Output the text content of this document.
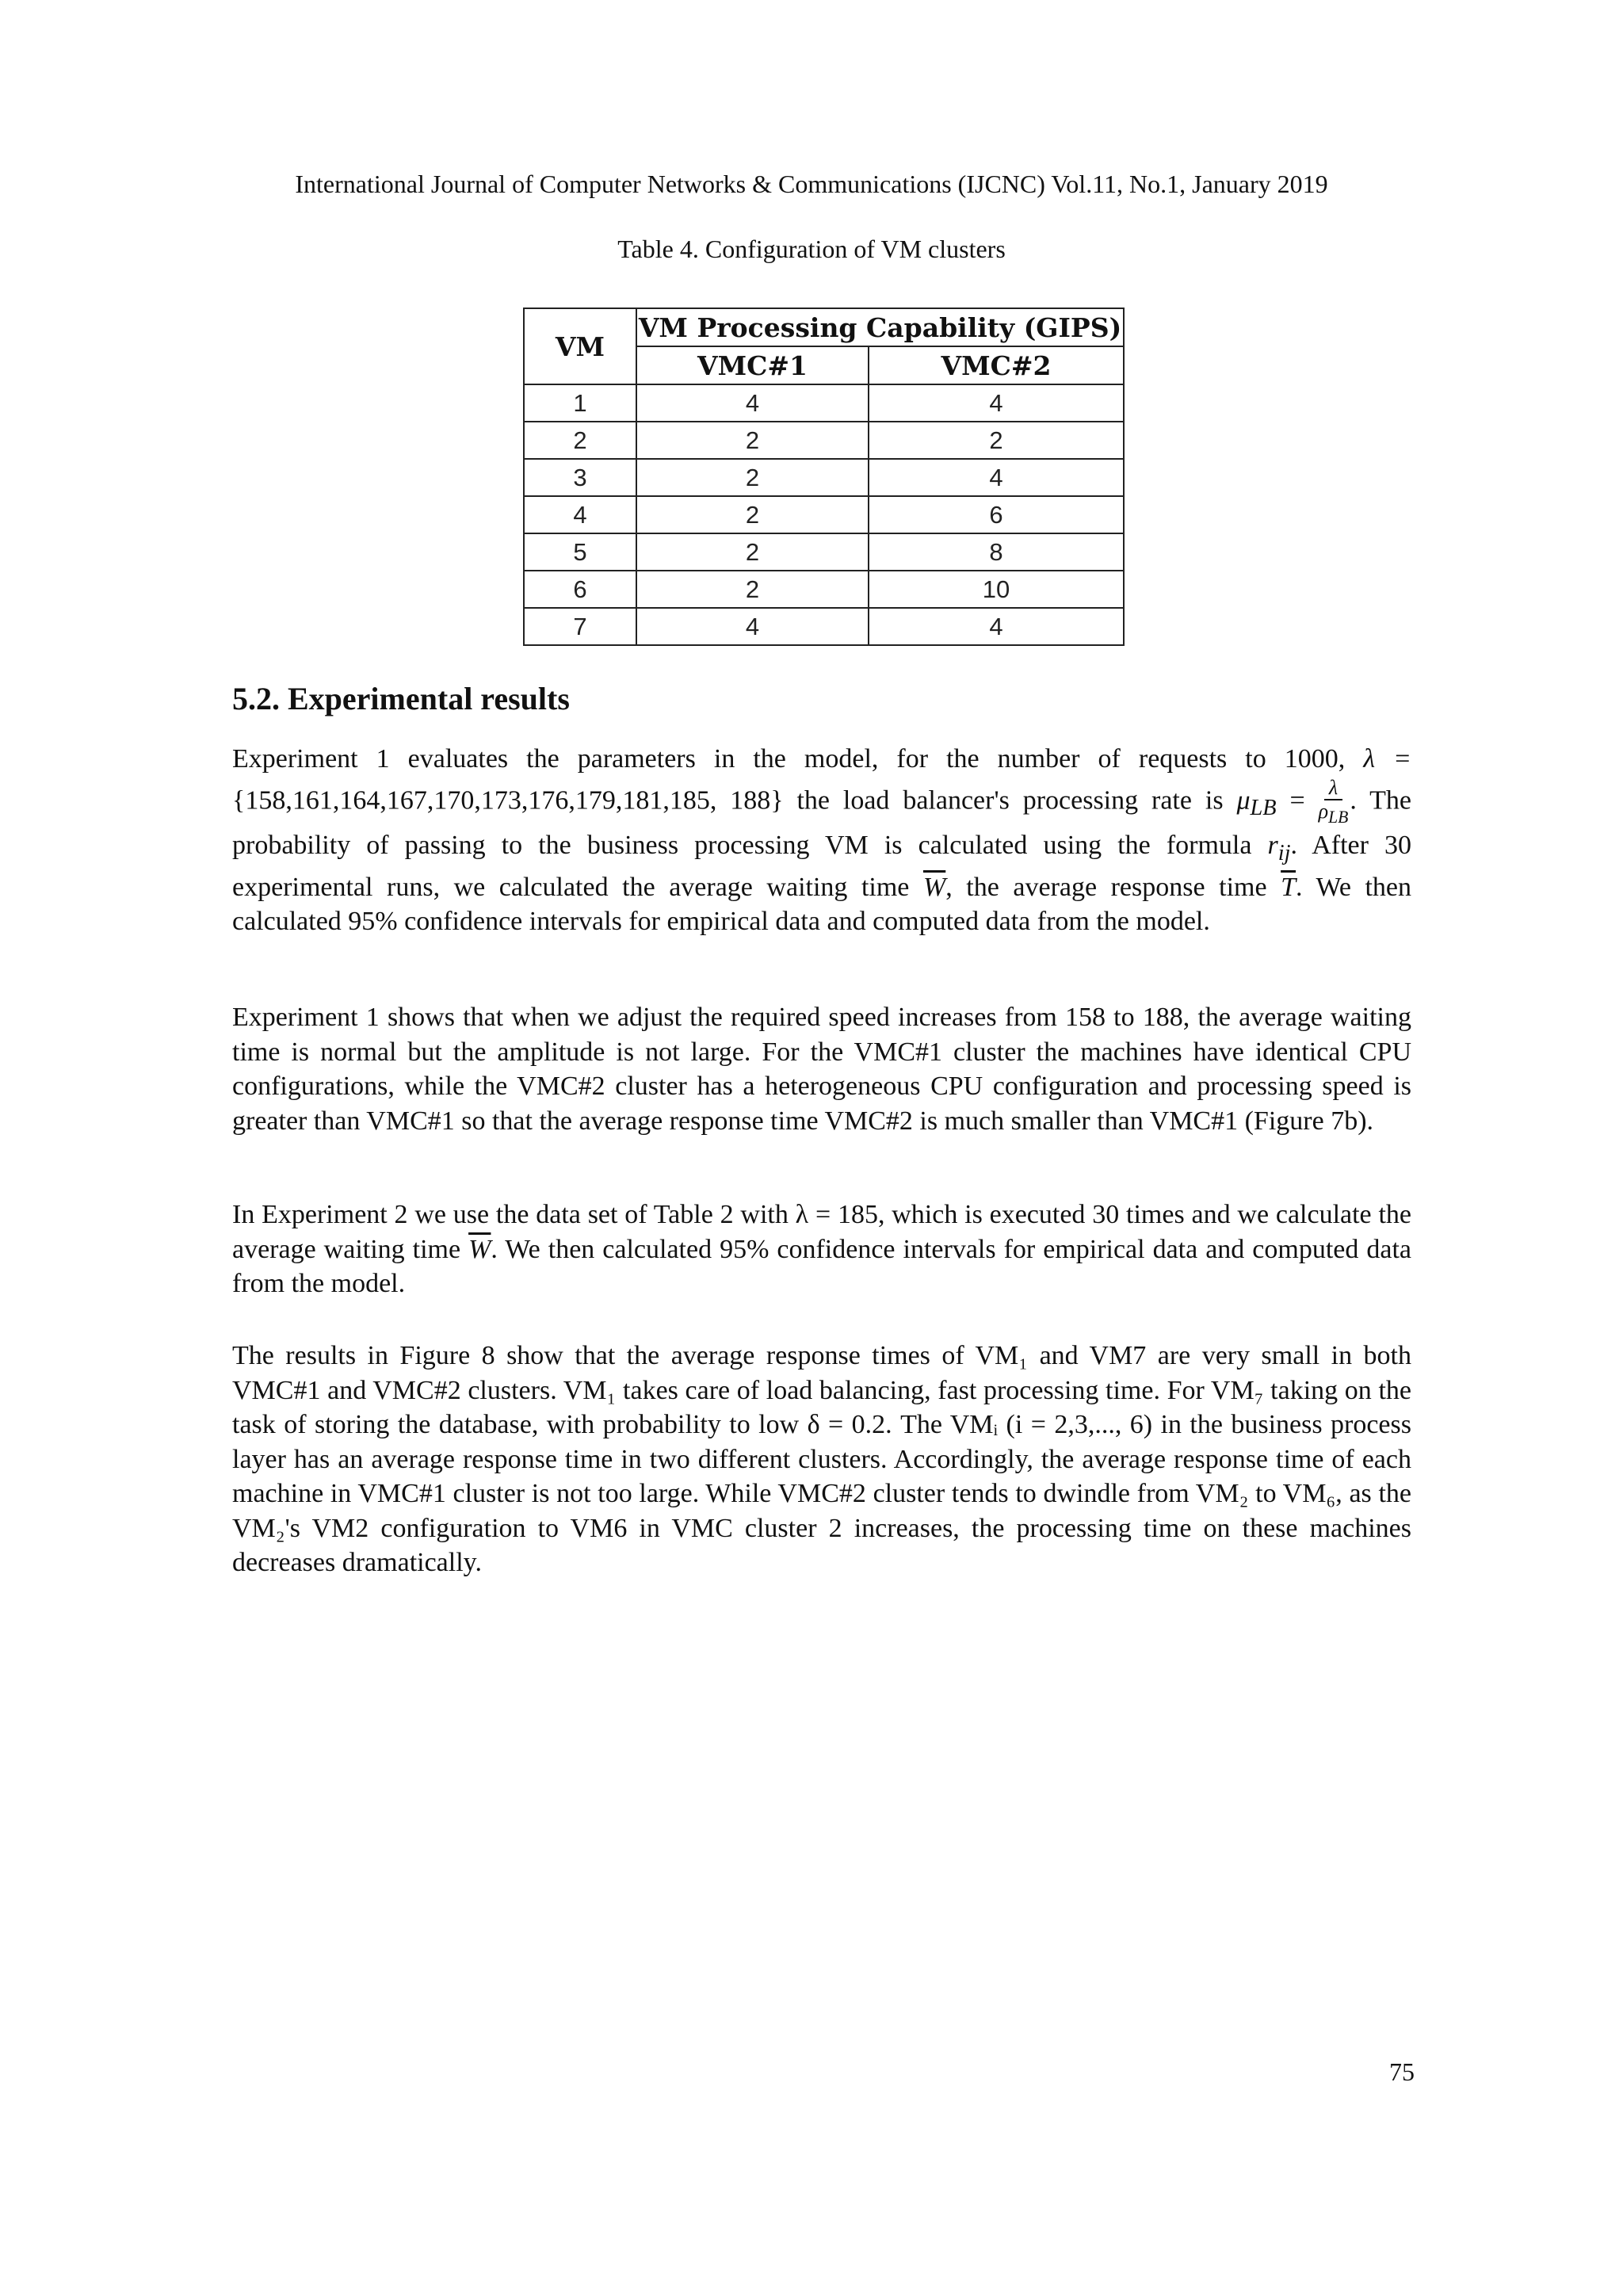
International Journal of Computer Networks & Communications (IJCNC) Vol.11, No.1, January 2019
Table 4. Configuration of VM clusters
VM	VM Processing Capability (GIPS)	
	VMC#1	VMC#2
1	4	4
2	2	2
3	2	4
4	2	6
5	2	8
6	2	10
7	4	4
5.2. Experimental results

Experiment 1 evaluates the parameters in the model, for the number of requests to 1000, λ = {158,161,164,167,170,173,176,179,181,185, 188} the load balancer's processing rate is $\mu_{LB} = \frac{\lambda}{\rho_{LB}}$ . The probability of passing to the business processing VM is calculated using the formula $r_{ij}$. After 30 experimental runs, we calculated the average waiting time $\overline{W}$, the average response time $\overline{T}$. We then calculated 95% confidence intervals for empirical data and computed data from the model.

Experiment 1 shows that when we adjust the required speed increases from 158 to 188, the average waiting time is normal but the amplitude is not large. For the VMC#1 cluster the machines have identical CPU configurations, while the VMC#2 cluster has a heterogeneous CPU configuration and processing speed is greater than VMC#1 so that the average response time VMC#2 is much smaller than VMC#1 (Figure 7b).

In Experiment 2 we use the data set of Table 2 with λ = 185, which is executed 30 times and we calculate the average waiting time $\overline{W}$. We then calculated 95% confidence intervals for empirical data and computed data from the model.

The results in Figure 8 show that the average response times of VM₁ and VM7 are very small in both VMC#1 and VMC#2 clusters. VM₁ takes care of load balancing, fast processing time. For VM₇ taking on the task of storing the database, with probability to low δ = 0.2. The VMᵢ (i = 2,3,..., 6) in the business process layer has an average response time in two different clusters. Accordingly, the average response time of each machine in VMC#1 cluster is not too large. While VMC#2 cluster tends to dwindle from VM₂ to VM₆, as the VM₂'s VM2 configuration to VM6 in VMC cluster 2 increases, the processing time on these machines decreases dramatically.

75
